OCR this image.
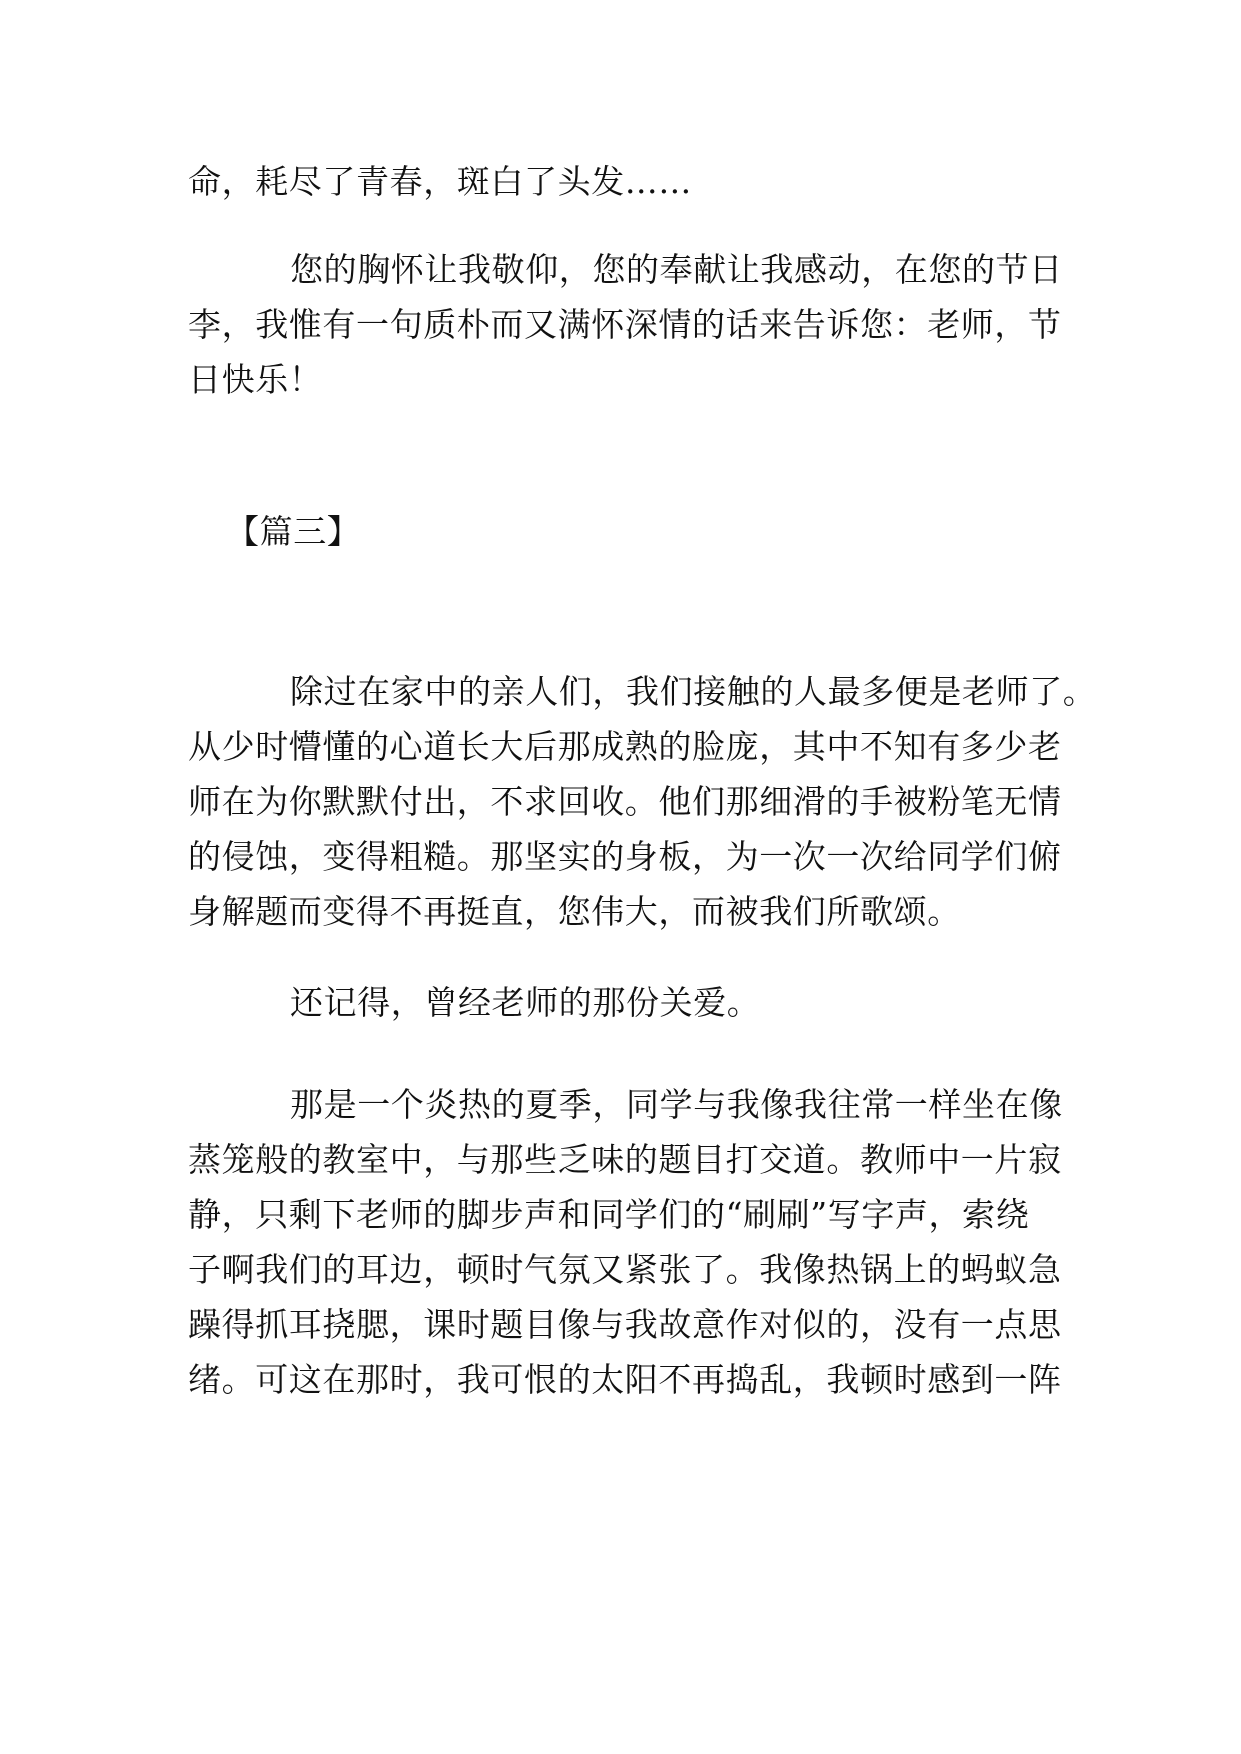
命，耗尽了青春，斑白了头发……
您的胸怀让我敬仰，您的奉献让我感动，在您的节日
李，我惟有一句质朴而又满怀深情的话来告诉您：老师，节
日快乐！
【篇三】
除过在家中的亲人们，我们接触的人最多便是老师了。
从少时懵懂的心道长大后那成熟的脸庞，其中不知有多少老
师在为你默默付出，不求回收。他们那细滑的手被粉笔无情
的侵蚀，变得粗糙。那坚实的身板，为一次一次给同学们俯
身解题而变得不再挺直，您伟大，而被我们所歌颂。
还记得，曾经老师的那份关爱。
那是一个炎热的夏季，同学与我像我往常一样坐在像
蒸笼般的教室中，与那些乏味的题目打交道。教师中一片寂
静，只剩下老师的脚步声和同学们的“刷刷”写字声，索绕
子啊我们的耳边，顿时气氛又紧张了。我像热锅上的蚂蚁急
躁得抓耳挠腮，课时题目像与我故意作对似的，没有一点思
绪。可这在那时，我可恨的太阳不再捣乱，我顿时感到一阵
